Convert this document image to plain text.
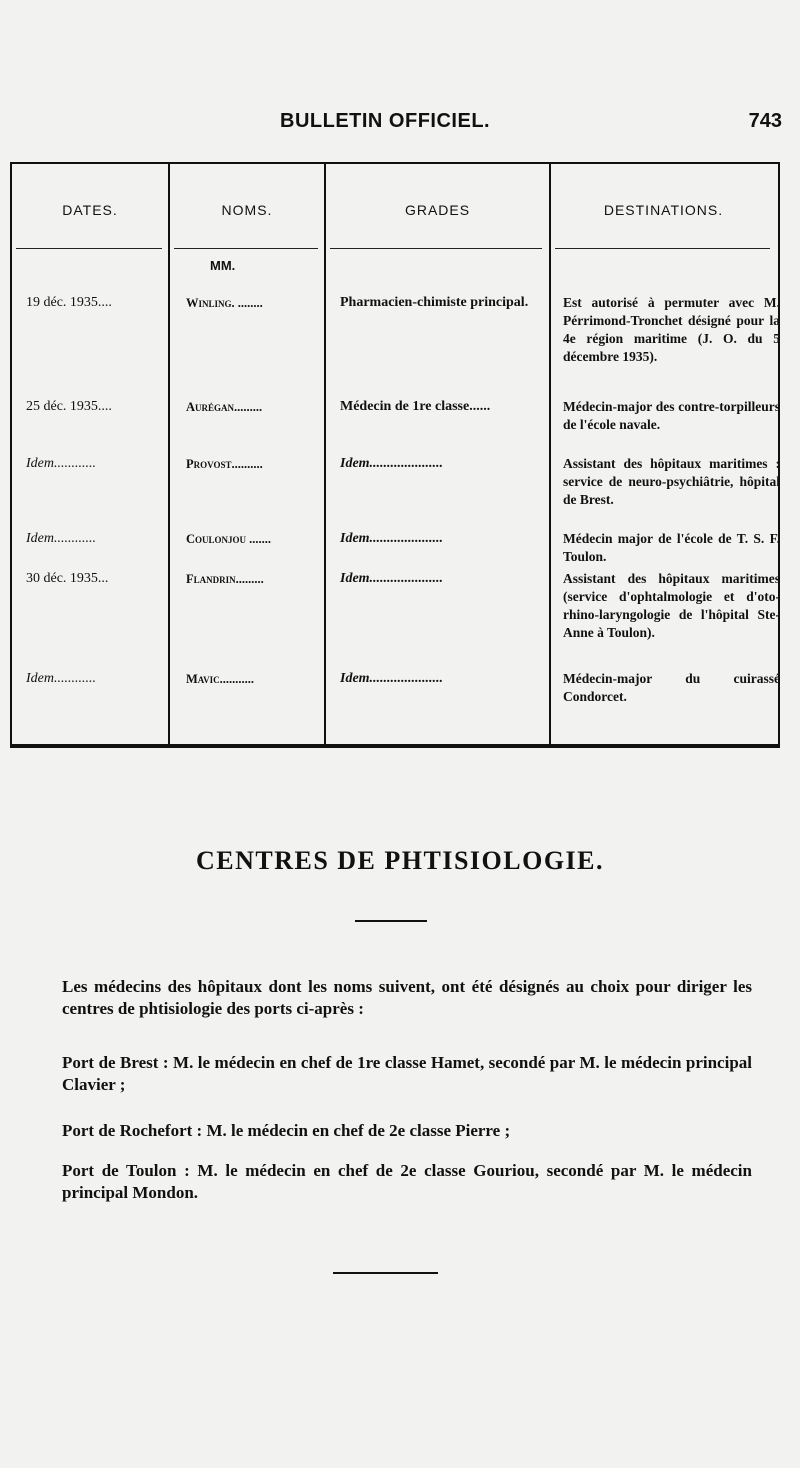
BULLETIN OFFICIEL.	743
DATES.	NOMS.	GRADES	DESTINATIONS.
MM.
19 déc. 1935....	Winling. ........	Pharmacien-chimiste principal.	Est autorisé à permuter avec M. Pérrimond-Tronchet désigné pour la 4e région maritime (J. O. du 5 décembre 1935).
25 déc. 1935....	Aurégan.........	Médecin de 1re classe......	Médecin-major des contre-torpilleurs de l'école navale.
Idem............	Provost..........	Idem.....................	Assistant des hôpitaux maritimes : service de neuro-psychiâtrie, hôpital de Brest.
Idem............	Coulonjou .......	Idem.....................	Médecin major de l'école de T. S. F. Toulon.
30 déc. 1935...	Flandrin.........	Idem.....................	Assistant des hôpitaux maritimes (service d'ophtalmologie et d'oto-rhino-laryngologie de l'hôpital Ste-Anne à Toulon).
Idem............	Mavic...........	Idem.....................	Médecin-major du cuirassé Condorcet.
CENTRES DE PHTISIOLOGIE.
Les médecins des hôpitaux dont les noms suivent, ont été désignés au choix pour diriger les centres de phtisiologie des ports ci-après :
Port de Brest : M. le médecin en chef de 1re classe Hamet, secondé par M. le médecin principal Clavier ;
Port de Rochefort : M. le médecin en chef de 2e classe Pierre ;
Port de Toulon : M. le médecin en chef de 2e classe Gouriou, secondé par M. le médecin principal Mondon.
